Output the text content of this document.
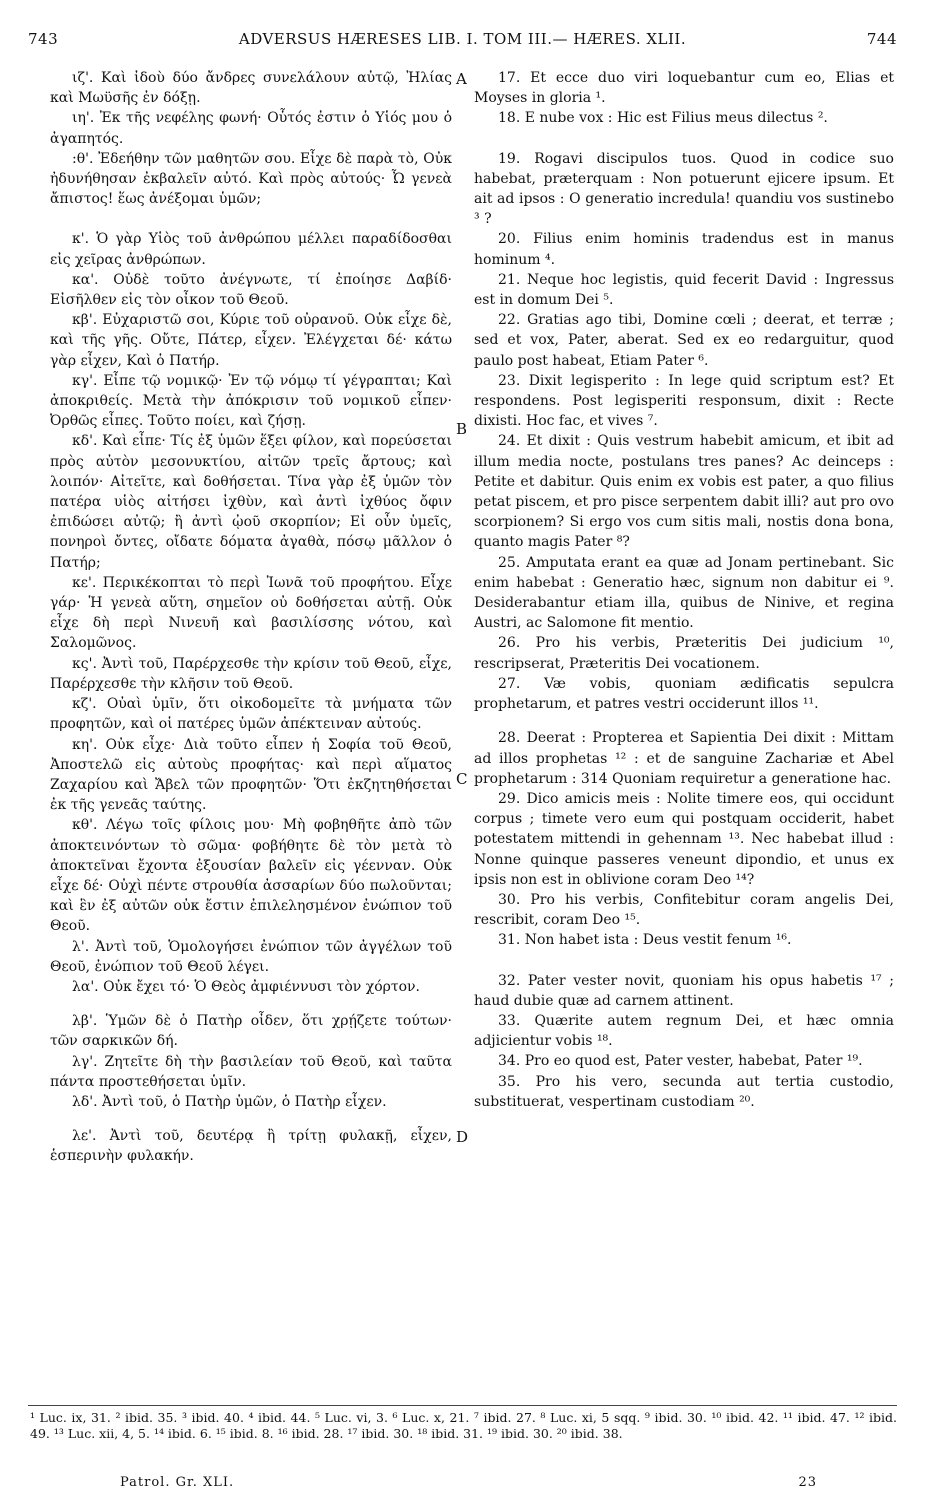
743	ADVERSUS HÆRESES LIB. I. TOM III.— HÆRES. XLII.	744
A
B
C
D

ιζ'. Καὶ ἰδοὺ δύο ἄνδρες συνελάλουν αὐτῷ, Ἠλίας καὶ Μωϋσῆς ἐν δόξῃ.

ιη'. Ἐκ τῆς νεφέλης φωνή· Οὗτός ἐστιν ὁ Υἱός μου ὁ ἀγαπητός.

:θ'. Ἐδεήθην τῶν μαθητῶν σου. Εἶχε δὲ παρὰ τὸ, Οὐκ ἠδυνήθησαν ἐκβαλεῖν αὐτό. Καὶ πρὸς αὐτούς· Ὦ γενεὰ ἄπιστος! ἕως ἀνέξομαι ὑμῶν;

κ'. Ὁ γὰρ Υἱὸς τοῦ ἀνθρώπου μέλλει παραδίδοσθαι εἰς χεῖρας ἀνθρώπων.

κα'. Οὐδὲ τοῦτο ἀνέγνωτε, τί ἐποίησε Δαβίδ· Εἰσῆλθεν εἰς τὸν οἶκον τοῦ Θεοῦ.

κβ'. Εὐχαριστῶ σοι, Κύριε τοῦ οὐρανοῦ. Οὐκ εἶχε δὲ, καὶ τῆς γῆς. Οὔτε, Πάτερ, εἶχεν. Ἐλέγχεται δέ· κάτω γὰρ εἶχεν, Καὶ ὁ Πατήρ.

κγ'. Εἶπε τῷ νομικῷ· Ἐν τῷ νόμῳ τί γέγραπται; Καὶ ἀποκριθείς. Μετὰ τὴν ἀπόκρισιν τοῦ νομικοῦ εἶπεν· Ὀρθῶς εἶπες. Τοῦτο ποίει, καὶ ζήσῃ.

κδ'. Καὶ εἶπε· Τίς ἐξ ὑμῶν ἕξει φίλον, καὶ πορεύσεται πρὸς αὐτὸν μεσονυκτίου, αἰτῶν τρεῖς ἄρτους; καὶ λοιπόν· Αἰτεῖτε, καὶ δοθήσεται. Τίνα γὰρ ἐξ ὑμῶν τὸν πατέρα υἱὸς αἰτήσει ἰχθὺν, καὶ ἀντὶ ἰχθύος ὄφιν ἐπιδώσει αὐτῷ; ἢ ἀντὶ ᾠοῦ σκορπίον; Εἰ οὖν ὑμεῖς, πονηροὶ ὄντες, οἴδατε δόματα ἀγαθὰ, πόσῳ μᾶλλον ὁ Πατήρ;

κε'. Περικέκοπται τὸ περὶ Ἰωνᾶ τοῦ προφήτου. Εἶχε γάρ· Ἡ γενεὰ αὕτη, σημεῖον οὐ δοθήσεται αὐτῇ. Οὐκ εἶχε δὴ περὶ Νινευῆ καὶ βασιλίσσης νότου, καὶ Σαλομῶνος.

κς'. Ἀντὶ τοῦ, Παρέρχεσθε τὴν κρίσιν τοῦ Θεοῦ, εἶχε, Παρέρχεσθε τὴν κλῆσιν τοῦ Θεοῦ.

κζ'. Οὐαὶ ὑμῖν, ὅτι οἰκοδομεῖτε τὰ μνήματα τῶν προφητῶν, καὶ οἱ πατέρες ὑμῶν ἀπέκτειναν αὐτούς.

κη'. Οὐκ εἶχε· Διὰ τοῦτο εἶπεν ἡ Σοφία τοῦ Θεοῦ, Ἀποστελῶ εἰς αὐτοὺς προφήτας· καὶ περὶ αἵματος Ζαχαρίου καὶ Ἄβελ τῶν προφητῶν· Ὅτι ἐκζητηθήσεται ἐκ τῆς γενεᾶς ταύτης.

κθ'. Λέγω τοῖς φίλοις μου· Μὴ φοβηθῆτε ἀπὸ τῶν ἀποκτεινόντων τὸ σῶμα· φοβήθητε δὲ τὸν μετὰ τὸ ἀποκτεῖναι ἔχοντα ἐξουσίαν βαλεῖν εἰς γέενναν. Οὐκ εἶχε δέ· Οὐχὶ πέντε στρουθία ἀσσαρίων δύο πωλοῦνται; καὶ ἓν ἐξ αὐτῶν οὐκ ἔστιν ἐπιλελησμένον ἐνώπιον τοῦ Θεοῦ.

λ'. Ἀντὶ τοῦ, Ὁμολογήσει ἐνώπιον τῶν ἀγγέλων τοῦ Θεοῦ, ἐνώπιον τοῦ Θεοῦ λέγει.

λα'. Οὐκ ἔχει τό· Ὁ Θεὸς ἀμφιέννυσι τὸν χόρτον.

λβ'. Ὑμῶν δὲ ὁ Πατὴρ οἶδεν, ὅτι χρῄζετε τούτων· τῶν σαρκικῶν δή.

λγ'. Ζητεῖτε δὴ τὴν βασιλείαν τοῦ Θεοῦ, καὶ ταῦτα πάντα προστεθήσεται ὑμῖν.

λδ'. Ἀντὶ τοῦ, ὁ Πατὴρ ὑμῶν, ὁ Πατὴρ εἶχεν.

λε'. Ἀντὶ τοῦ, δευτέρᾳ ἢ τρίτῃ φυλακῇ, εἶχεν, ἑσπερινὴν φυλακήν.

17. Et ecce duo viri loquebantur cum eo, Elias et Moyses in gloria ¹.

18. E nube vox : Hic est Filius meus dilectus ².

19. Rogavi discipulos tuos. Quod in codice suo habebat, præterquam : Non potuerunt ejicere ipsum. Et ait ad ipsos : O generatio incredula! quandiu vos sustinebo ³ ?

20. Filius enim hominis tradendus est in manus hominum ⁴.

21. Neque hoc legistis, quid fecerit David : Ingressus est in domum Dei ⁵.

22. Gratias ago tibi, Domine cœli ; deerat, et terræ ; sed et vox, Pater, aberat. Sed ex eo redarguitur, quod paulo post habeat, Etiam Pater ⁶.

23. Dixit legisperito : In lege quid scriptum est? Et respondens. Post legisperiti responsum, dixit : Recte dixisti. Hoc fac, et vives ⁷.

24. Et dixit : Quis vestrum habebit amicum, et ibit ad illum media nocte, postulans tres panes? Ac deinceps : Petite et dabitur. Quis enim ex vobis est pater, a quo filius petat piscem, et pro pisce serpentem dabit illi? aut pro ovo scorpionem? Si ergo vos cum sitis mali, nostis dona bona, quanto magis Pater ⁸?

25. Amputata erant ea quæ ad Jonam pertinebant. Sic enim habebat : Generatio hæc, signum non dabitur ei ⁹. Desiderabantur etiam illa, quibus de Ninive, et regina Austri, ac Salomone fit mentio.

26. Pro his verbis, Præteritis Dei judicium ¹⁰, rescripserat, Præteritis Dei vocationem.

27. Væ vobis, quoniam ædificatis sepulcra prophetarum, et patres vestri occiderunt illos ¹¹.

28. Deerat : Propterea et Sapientia Dei dixit : Mittam ad illos prophetas ¹² : et de sanguine Zachariæ et Abel prophetarum : 314 Quoniam requiretur a generatione hac.

29. Dico amicis meis : Nolite timere eos, qui occidunt corpus ; timete vero eum qui postquam occiderit, habet potestatem mittendi in gehennam ¹³. Nec habebat illud : Nonne quinque passeres veneunt dipondio, et unus ex ipsis non est in oblivione coram Deo ¹⁴?

30. Pro his verbis, Confitebitur coram angelis Dei, rescribit, coram Deo ¹⁵.

31. Non habet ista : Deus vestit fenum ¹⁶.

32. Pater vester novit, quoniam his opus habetis ¹⁷ ; haud dubie quæ ad carnem attinent.

33. Quærite autem regnum Dei, et hæc omnia adjicientur vobis ¹⁸.

34. Pro eo quod est, Pater vester, habebat, Pater ¹⁹.

35. Pro his vero, secunda aut tertia custodio, substituerat, vespertinam custodiam ²⁰.

¹ Luc. ix, 31. ² ibid. 35. ³ ibid. 40. ⁴ ibid. 44. ⁵ Luc. vi, 3. ⁶ Luc. x, 21. ⁷ ibid. 27. ⁸ Luc. xi, 5 sqq. ⁹ ibid. 30. ¹⁰ ibid. 42. ¹¹ ibid. 47. ¹² ibid. 49. ¹³ Luc. xii, 4, 5. ¹⁴ ibid. 6. ¹⁵ ibid. 8. ¹⁶ ibid. 28. ¹⁷ ibid. 30. ¹⁸ ibid. 31. ¹⁹ ibid. 30. ²⁰ ibid. 38.
Patrol. Gr. XLI.	23
